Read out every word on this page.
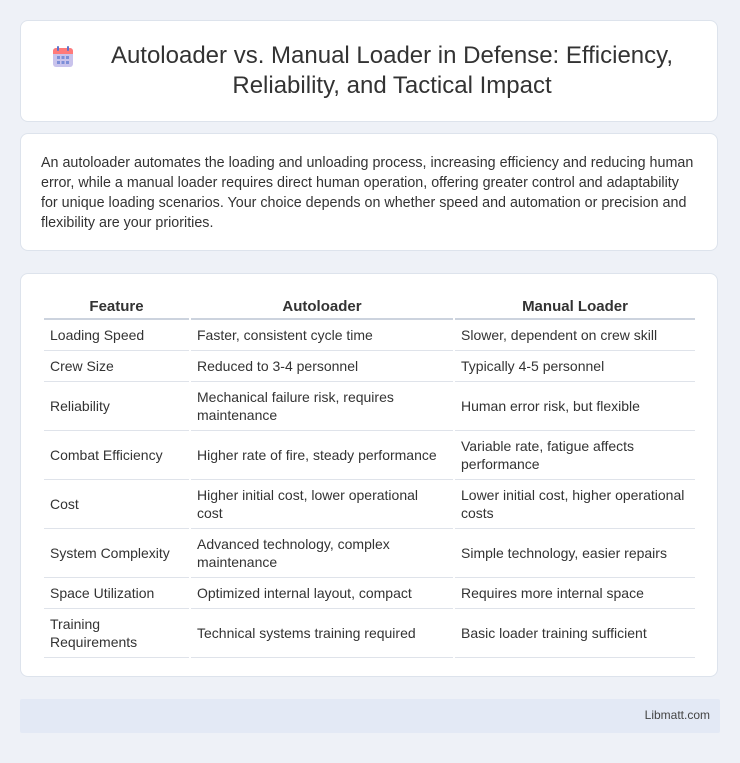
Autoloader vs. Manual Loader in Defense: Efficiency, Reliability, and Tactical Impact

An autoloader automates the loading and unloading process, increasing efficiency and reducing human error, while a manual loader requires direct human operation, offering greater control and adaptability for unique loading scenarios. Your choice depends on whether speed and automation or precision and flexibility are your priorities.

Feature	Autoloader	Manual Loader
Loading Speed	Faster, consistent cycle time	Slower, dependent on crew skill
Crew Size	Reduced to 3-4 personnel	Typically 4-5 personnel
Reliability	Mechanical failure risk, requires maintenance	Human error risk, but flexible
Combat Efficiency	Higher rate of fire, steady performance	Variable rate, fatigue affects performance
Cost	Higher initial cost, lower operational cost	Lower initial cost, higher operational costs
System Complexity	Advanced technology, complex maintenance	Simple technology, easier repairs
Space Utilization	Optimized internal layout, compact	Requires more internal space
Training Requirements	Technical systems training required	Basic loader training sufficient
Libmatt.com
